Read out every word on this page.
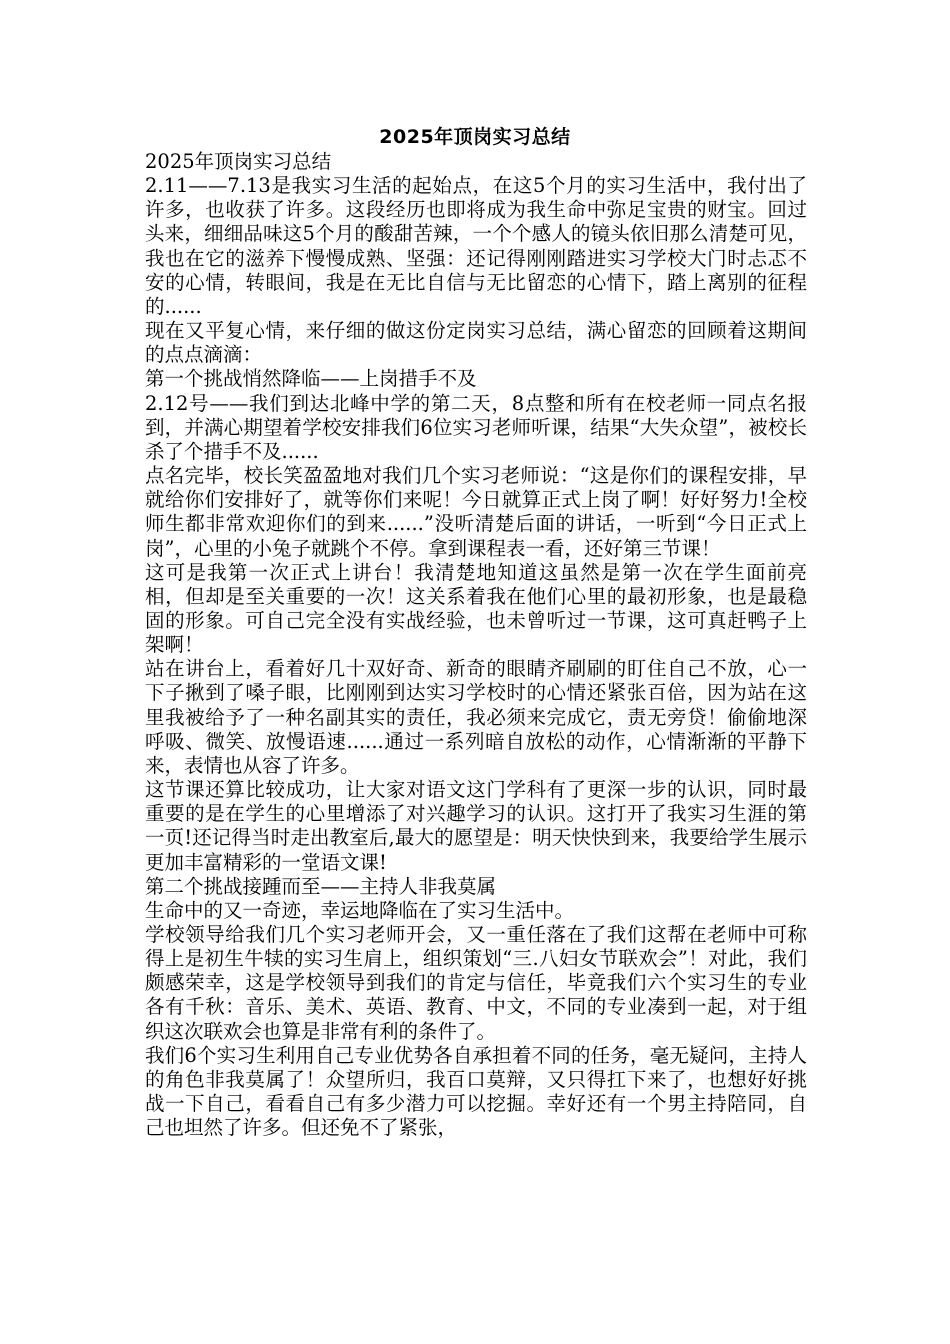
2025年顶岗实习总结

2025年顶岗实习总结

2.11——7.13是我实习生活的起始点，在这5个月的实习生活中，我付出了许多，也收获了许多。这段经历也即将成为我生命中弥足宝贵的财宝。回过头来，细细品味这5个月的酸甜苦辣，一个个感人的镜头依旧那么清楚可见，我也在它的滋养下慢慢成熟、坚强：还记得刚刚踏进实习学校大门时忐忑不安的心情，转眼间，我是在无比自信与无比留恋的心情下，踏上离别的征程的......

现在又平复心情，来仔细的做这份定岗实习总结，满心留恋的回顾着这期间的点点滴滴：

第一个挑战悄然降临——上岗措手不及

2.12号——我们到达北峰中学的第二天，8点整和所有在校老师一同点名报到，并满心期望着学校安排我们6位实习老师听课，结果“大失众望”，被校长杀了个措手不及......

点名完毕，校长笑盈盈地对我们几个实习老师说：“这是你们的课程安排，早就给你们安排好了，就等你们来呢！今日就算正式上岗了啊！好好努力!全校师生都非常欢迎你们的到来......”没听清楚后面的讲话，一听到“今日正式上岗”，心里的小兔子就跳个不停。拿到课程表一看，还好第三节课！

这可是我第一次正式上讲台！我清楚地知道这虽然是第一次在学生面前亮相，但却是至关重要的一次！这关系着我在他们心里的最初形象，也是最稳固的形象。可自己完全没有实战经验，也未曾听过一节课，这可真赶鸭子上架啊！

站在讲台上，看着好几十双好奇、新奇的眼睛齐刷刷的盯住自己不放，心一下子揪到了嗓子眼，比刚刚到达实习学校时的心情还紧张百倍，因为站在这里我被给予了一种名副其实的责任，我必须来完成它，责无旁贷！偷偷地深呼吸、微笑、放慢语速......通过一系列暗自放松的动作，心情渐渐的平静下来，表情也从容了许多。

这节课还算比较成功，让大家对语文这门学科有了更深一步的认识，同时最重要的是在学生的心里增添了对兴趣学习的认识。这打开了我实习生涯的第一页!还记得当时走出教室后,最大的愿望是：明天快快到来，我要给学生展示更加丰富精彩的一堂语文课!

第二个挑战接踵而至——主持人非我莫属

生命中的又一奇迹，幸运地降临在了实习生活中。

学校领导给我们几个实习老师开会，又一重任落在了我们这帮在老师中可称得上是初生牛犊的实习生肩上，组织策划“三.八妇女节联欢会”！对此，我们颇感荣幸，这是学校领导到我们的肯定与信任，毕竟我们六个实习生的专业各有千秋：音乐、美术、英语、教育、中文，不同的专业凑到一起，对于组织这次联欢会也算是非常有利的条件了。

我们6个实习生利用自己专业优势各自承担着不同的任务，毫无疑问，主持人的角色非我莫属了！众望所归，我百口莫辩，又只得扛下来了，也想好好挑战一下自己，看看自己有多少潜力可以挖掘。幸好还有一个男主持陪同，自己也坦然了许多。但还免不了紧张，
